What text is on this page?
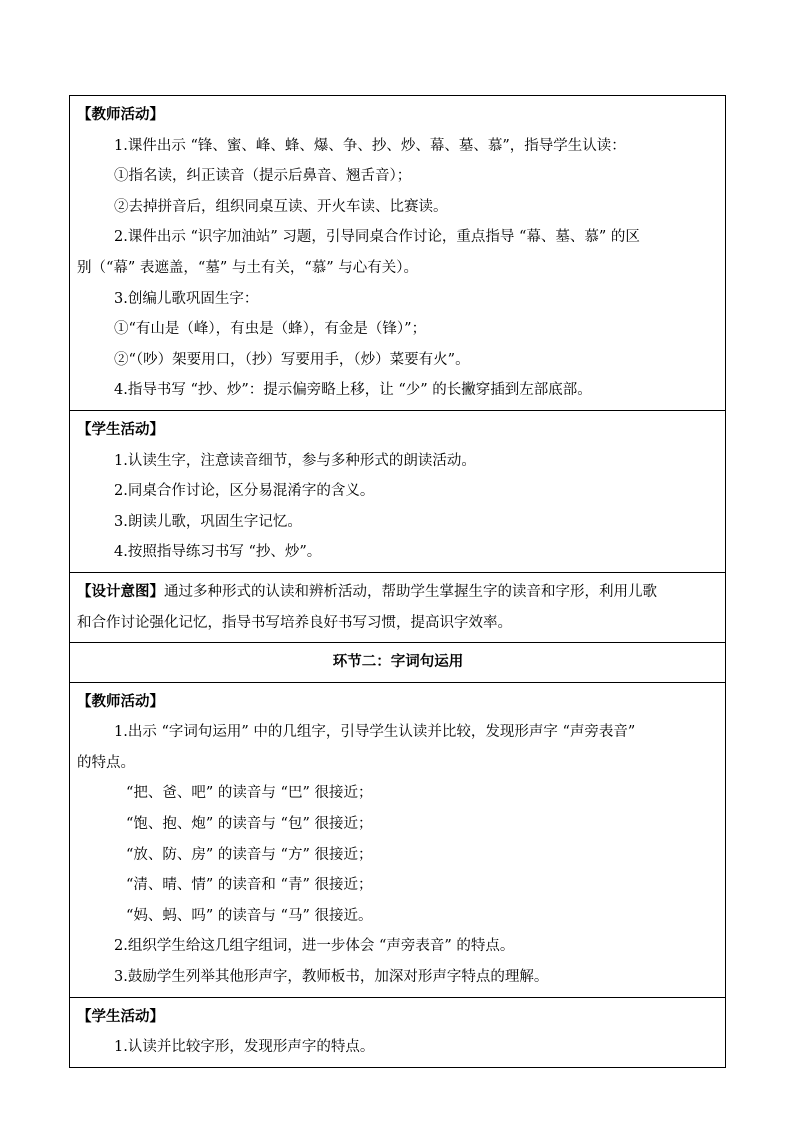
【教师活动】
1.课件出示 “锋、蜜、峰、蜂、爆、争、抄、炒、幕、墓、慕”，指导学生认读：
①指名读，纠正读音（提示后鼻音、翘舌音）；
②去掉拼音后，组织同桌互读、开火车读、比赛读。
2.课件出示 “识字加油站” 习题，引导同桌合作讨论，重点指导 “幕、墓、慕” 的区
别（“幕” 表遮盖，“墓” 与土有关，“慕” 与心有关）。
3.创编儿歌巩固生字：
①“有山是（峰），有虫是（蜂），有金是（锋）”；
②“（吵）架要用口，（抄）写要用手，（炒）菜要有火”。
4.指导书写 “抄、炒”：提示偏旁略上移，让 “少” 的长撇穿插到左部底部。

【学生活动】
1.认读生字，注意读音细节，参与多种形式的朗读活动。
2.同桌合作讨论，区分易混淆字的含义。
3.朗读儿歌，巩固生字记忆。
4.按照指导练习书写 “抄、炒”。

【设计意图】通过多种形式的认读和辨析活动，帮助学生掌握生字的读音和字形，利用儿歌
和合作讨论强化记忆，指导书写培养良好书写习惯，提高识字效率。

环节二：字词句运用

【教师活动】
1.出示 “字词句运用” 中的几组字，引导学生认读并比较，发现形声字 “声旁表音”
的特点。
“把、爸、吧” 的读音与 “巴” 很接近；
“饱、抱、炮” 的读音与 “包” 很接近；
“放、防、房” 的读音与 “方” 很接近；
“清、晴、情” 的读音和 “青” 很接近；
“妈、蚂、吗” 的读音与 “马” 很接近。
2.组织学生给这几组字组词，进一步体会 “声旁表音” 的特点。
3.鼓励学生列举其他形声字，教师板书，加深对形声字特点的理解。

【学生活动】
1.认读并比较字形，发现形声字的特点。
